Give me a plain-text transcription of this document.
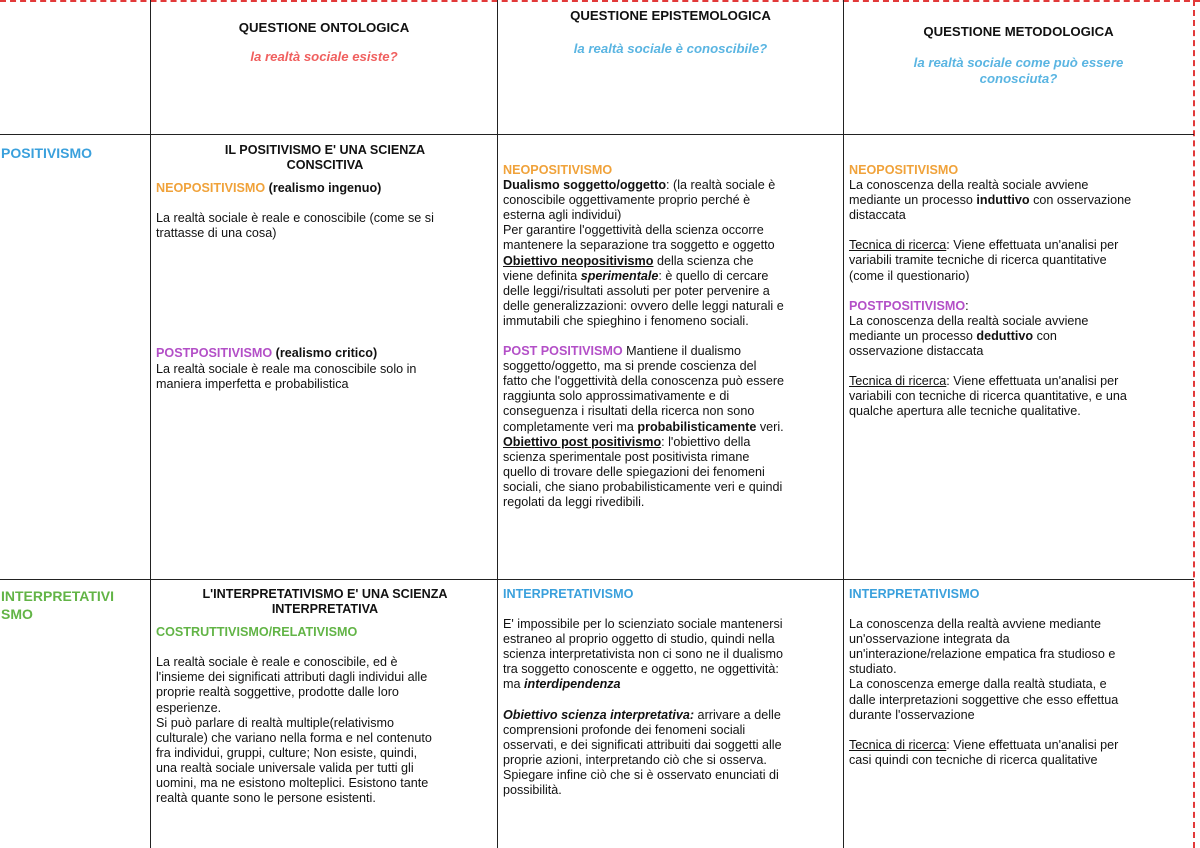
QUESTIONE ONTOLOGICA
la realtà sociale esiste?
QUESTIONE EPISTEMOLOGICA
la realtà sociale è conoscibile?
QUESTIONE METODOLOGICA
la realtà sociale come può essere
conosciuta?
POSITIVISMO
INTERPRETATIVI
SMO
IL POSITIVISMO E' UNA SCIENZA
CONSCITIVA
NEOPOSITIVISMO (realismo ingenuo)
La realtà sociale è reale e conoscibile (come se si
trattasse di una cosa)
POSTPOSITIVISMO (realismo critico)
La realtà sociale è reale ma conoscibile solo in
maniera imperfetta e probabilistica
NEOPOSITIVISMO
Dualismo soggetto/oggetto: (la realtà sociale è
conoscibile oggettivamente proprio perché è
esterna agli individui)
Per garantire l'oggettività della scienza occorre
mantenere la separazione tra soggetto e oggetto
Obiettivo neopositivismo della scienza che
viene definita sperimentale: è quello di cercare
delle leggi/risultati assoluti per poter pervenire a
delle generalizzazioni: ovvero delle leggi naturali e
immutabili che spieghino i fenomeno sociali.
POST POSITIVISMO Mantiene il dualismo
soggetto/oggetto, ma si prende coscienza del
fatto che l'oggettività della conoscenza può essere
raggiunta solo approssimativamente e di
conseguenza i risultati della ricerca non sono
completamente veri ma probabilisticamente veri.
Obiettivo post positivismo: l'obiettivo della
scienza sperimentale post positivista rimane
quello di trovare delle spiegazioni dei fenomeni
sociali, che siano probabilisticamente veri e quindi
regolati da leggi rivedibili.
NEOPOSITIVISMO
La conoscenza della realtà sociale avviene
mediante un processo induttivo con osservazione
distaccata
Tecnica di ricerca: Viene effettuata un'analisi per
variabili tramite tecniche di ricerca quantitative
(come il questionario)
POSTPOSITIVISMO:
La conoscenza della realtà sociale avviene
mediante un processo deduttivo con
osservazione distaccata
Tecnica di ricerca: Viene effettuata un'analisi per
variabili con tecniche di ricerca quantitative, e una
qualche apertura alle tecniche qualitative.
L'INTERPRETATIVISMO E' UNA SCIENZA
INTERPRETATIVA
COSTRUTTIVISMO/RELATIVISMO
La realtà sociale è reale e conoscibile, ed è
l'insieme dei significati attributi dagli individui alle
proprie realtà soggettive, prodotte dalle loro
esperienze.
Si può parlare di realtà multiple(relativismo
culturale) che variano nella forma e nel contenuto
fra individui, gruppi, culture; Non esiste, quindi,
una realtà sociale universale valida per tutti gli
uomini, ma ne esistono molteplici. Esistono tante
realtà quante sono le persone esistenti.
INTERPRETATIVISMO
E' impossibile per lo scienziato sociale mantenersi
estraneo al proprio oggetto di studio, quindi nella
scienza interpretativista non ci sono ne il dualismo
tra soggetto conoscente e oggetto, ne oggettività:
ma interdipendenza
Obiettivo scienza interpretativa: arrivare a delle
comprensioni profonde dei fenomeni sociali
osservati, e dei significati attribuiti dai soggetti alle
proprie azioni, interpretando ciò che si osserva.
Spiegare infine ciò che si è osservato enunciati di
possibilità.
INTERPRETATIVISMO
La conoscenza della realtà avviene mediante
un'osservazione integrata da
un'interazione/relazione empatica fra studioso e
studiato.
La conoscenza emerge dalla realtà studiata, e
dalle interpretazioni soggettive che esso effettua
durante l'osservazione
Tecnica di ricerca: Viene effettuata un'analisi per
casi quindi con tecniche di ricerca qualitative
